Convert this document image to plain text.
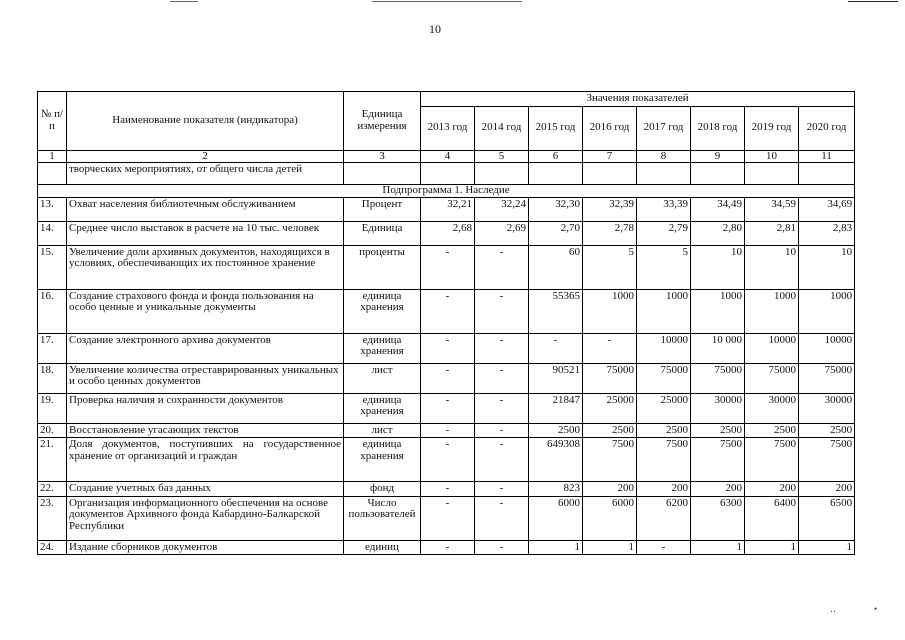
10
№ п/п	Наименование показателя (индикатора)	Единица измерения	Значения показателей							
			2013 год	2014 год	2015 год	2016 год	2017 год	2018 год	2019 год	2020 год
1	2	3	4	5	6	7	8	9	10	11
	творческих мероприятиях, от общего числа детей									
Подпрограмма 1. Наследие										
13.	Охват населения библиотечным обслуживанием	Процент	32,21	32,24	32,30	32,39	33,39	34,49	34,59	34,69
14.	Среднее число выставок в расчете на 10 тыс. человек	Единица	2,68	2,69	2,70	2,78	2,79	2,80	2,81	2,83
15.	Увеличение доли архивных документов, находящихся в условиях, обеспечивающих их постоянное хранение	проценты	-	-	60	5	5	10	10	10
16.	Создание страхового фонда и фонда пользования на особо ценные и уникальные документы	единица хранения	-	-	55365	1000	1000	1000	1000	1000
17.	Создание электронного архива документов	единица хранения	-	-	-	-	10000	10 000	10000	10000
18.	Увеличение количества отреставрированных уникальных и особо ценных документов	лист	-	-	90521	75000	75000	75000	75000	75000
19.	Проверка наличия и сохранности документов	единица хранения	-	-	21847	25000	25000	30000	30000	30000
20.	Восстановление угасающих текстов	лист	-	-	2500	2500	2500	2500	2500	2500
21.	Доля документов, поступивших на государственное хранение от организаций и граждан	единица хранения	-	-	649308	7500	7500	7500	7500	7500
22.	Создание учетных баз данных	фонд	-	-	823	200	200	200	200	200
23.	Организация информационного обеспечения на основе документов Архивного фонда Кабардино-Балкарской Республики	Число пользователей	-	-	6000	6000	6200	6300	6400	6500
24.	Издание сборников документов	единиц	-	-	1	1	-	1	1	1
․․	•
